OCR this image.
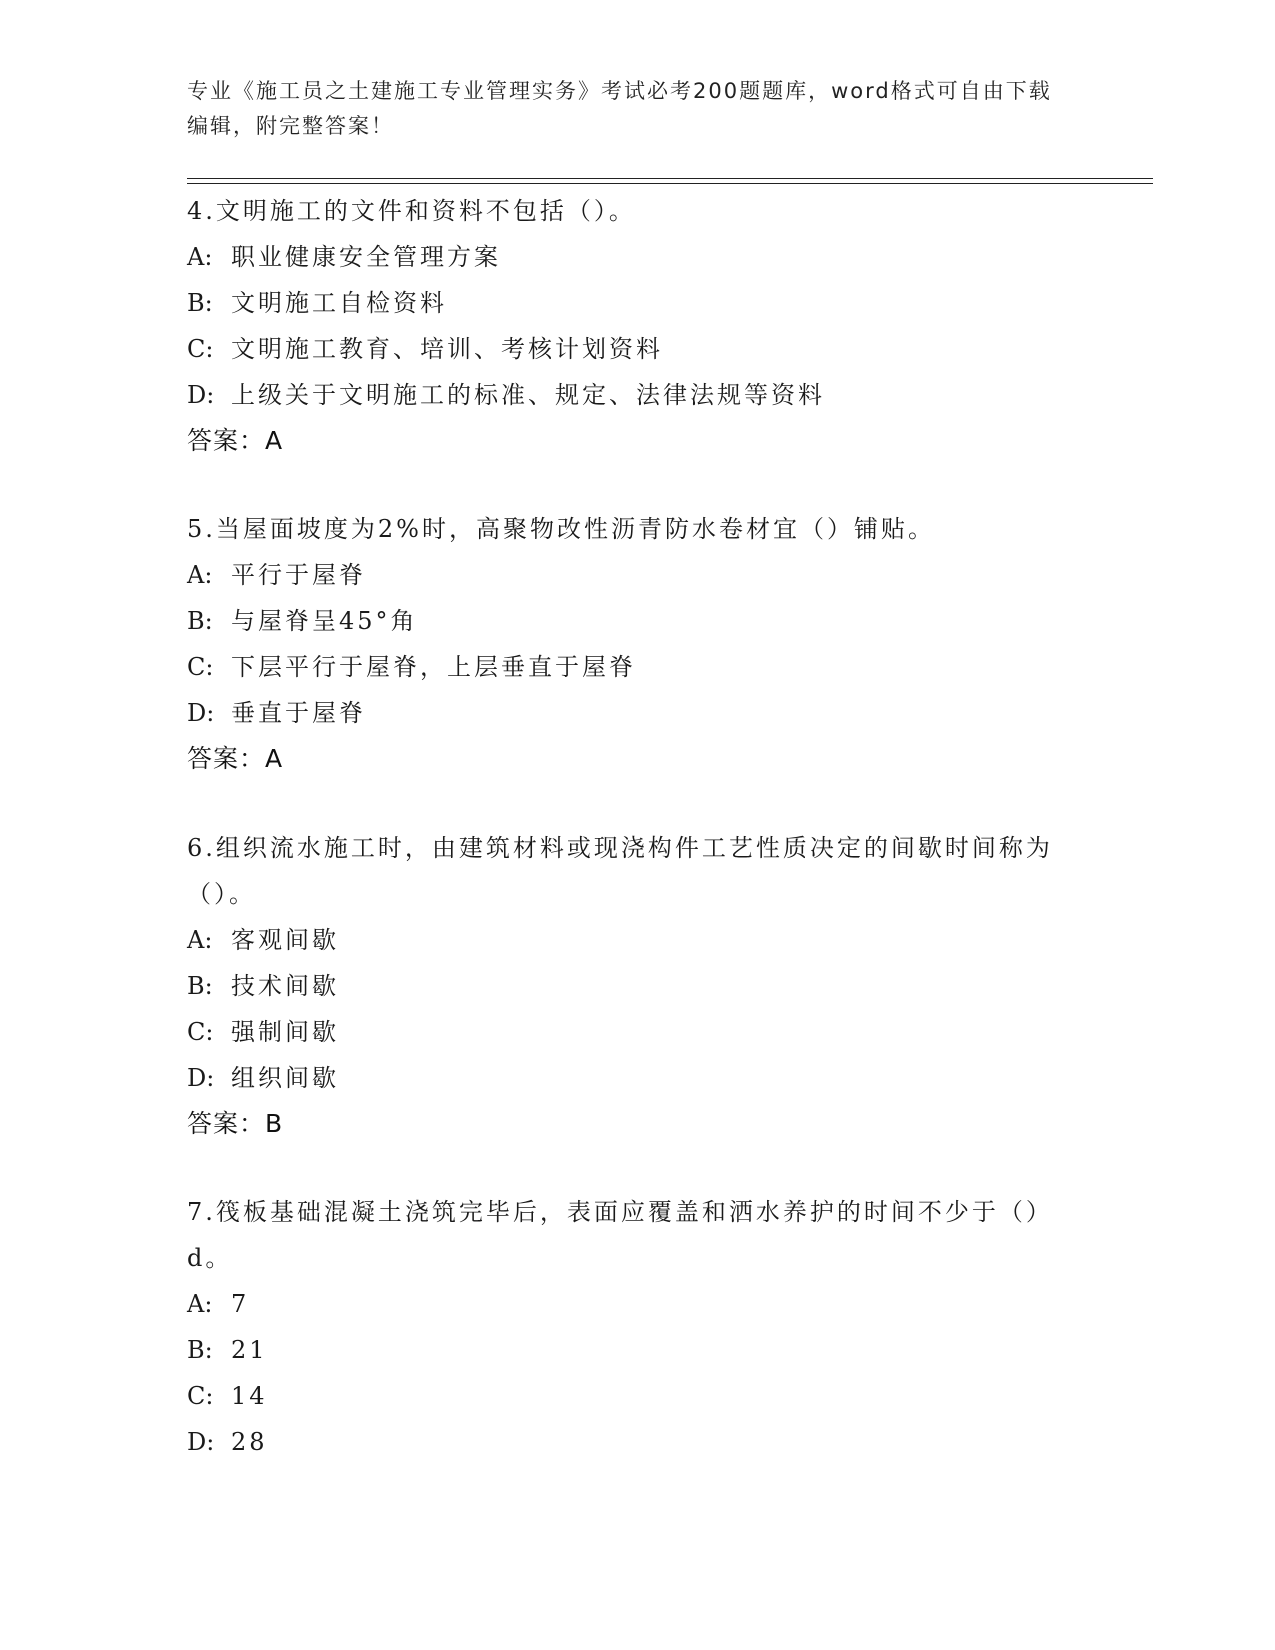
专业《施工员之土建施工专业管理实务》考试必考200题题库，word格式可自由下载编辑，附完整答案！
4.文明施工的文件和资料不包括（）。
A: 职业健康安全管理方案
B: 文明施工自检资料
C: 文明施工教育、培训、考核计划资料
D: 上级关于文明施工的标准、规定、法律法规等资料
答案：A
5.当屋面坡度为2%时，高聚物改性沥青防水卷材宜（）铺贴。
A: 平行于屋脊
B: 与屋脊呈45°角
C: 下层平行于屋脊，上层垂直于屋脊
D: 垂直于屋脊
答案：A
6.组织流水施工时，由建筑材料或现浇构件工艺性质决定的间歇时间称为（）。
A: 客观间歇
B: 技术间歇
C: 强制间歇
D: 组织间歇
答案：B
7.筏板基础混凝土浇筑完毕后，表面应覆盖和洒水养护的时间不少于（）d。
A: 7
B: 21
C: 14
D: 28
